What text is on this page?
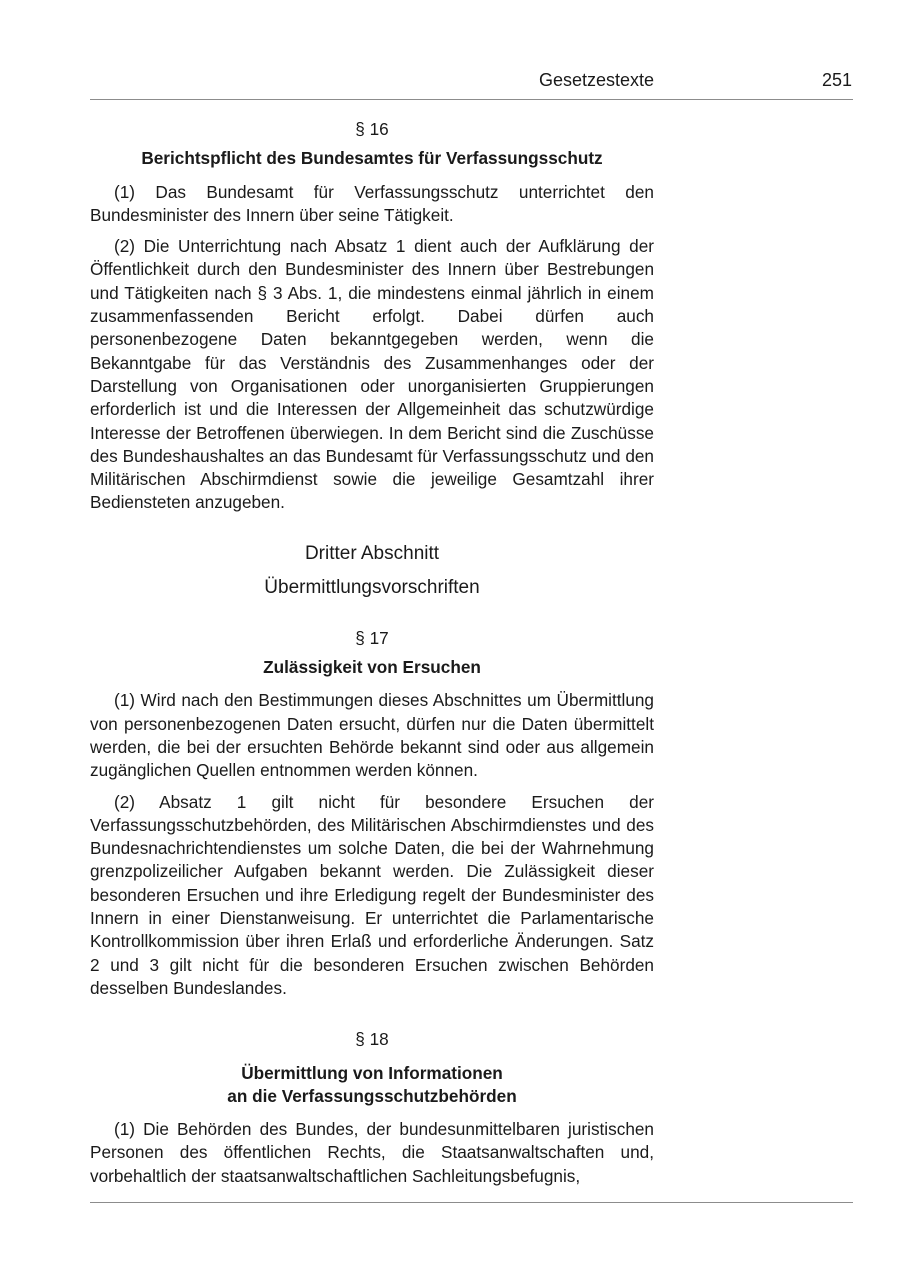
Gesetzestexte	251

§ 16

Berichtspflicht des Bundesamtes für Verfassungsschutz

(1) Das Bundesamt für Verfassungsschutz unterrichtet den Bundesminister des Innern über seine Tätigkeit.

(2) Die Unterrichtung nach Absatz 1 dient auch der Aufklärung der Öffentlichkeit durch den Bundesminister des Innern über Bestrebungen und Tätigkeiten nach § 3 Abs. 1, die mindestens einmal jährlich in einem zusammenfassenden Bericht erfolgt. Dabei dürfen auch personenbezogene Daten bekanntgegeben werden, wenn die Bekanntgabe für das Verständnis des Zusammenhanges oder der Darstellung von Organisationen oder unorganisierten Gruppierungen erforderlich ist und die Interessen der Allgemeinheit das schutzwürdige Interesse der Betroffenen überwiegen. In dem Bericht sind die Zuschüsse des Bundeshaushaltes an das Bundesamt für Verfassungsschutz und den Militärischen Abschirmdienst sowie die jeweilige Gesamtzahl ihrer Bediensteten anzugeben.

Dritter Abschnitt

Übermittlungsvorschriften

§ 17

Zulässigkeit von Ersuchen

(1) Wird nach den Bestimmungen dieses Abschnittes um Übermittlung von personenbezogenen Daten ersucht, dürfen nur die Daten übermittelt werden, die bei der ersuchten Behörde bekannt sind oder aus allgemein zugänglichen Quellen entnommen werden können.

(2) Absatz 1 gilt nicht für besondere Ersuchen der Verfassungsschutzbehörden, des Militärischen Abschirmdienstes und des Bundesnachrichtendienstes um solche Daten, die bei der Wahrnehmung grenzpolizeilicher Aufgaben bekannt werden. Die Zulässigkeit dieser besonderen Ersuchen und ihre Erledigung regelt der Bundesminister des Innern in einer Dienstanweisung. Er unterrichtet die Parlamentarische Kontrollkommission über ihren Erlaß und erforderliche Änderungen. Satz 2 und 3 gilt nicht für die besonderen Ersuchen zwischen Behörden desselben Bundeslandes.

§ 18

Übermittlung von Informationen
an die Verfassungsschutzbehörden

(1) Die Behörden des Bundes, der bundesunmittelbaren juristischen Personen des öffentlichen Rechts, die Staatsanwaltschaften und, vorbehaltlich der staatsanwaltschaftlichen Sachleitungsbefugnis,
